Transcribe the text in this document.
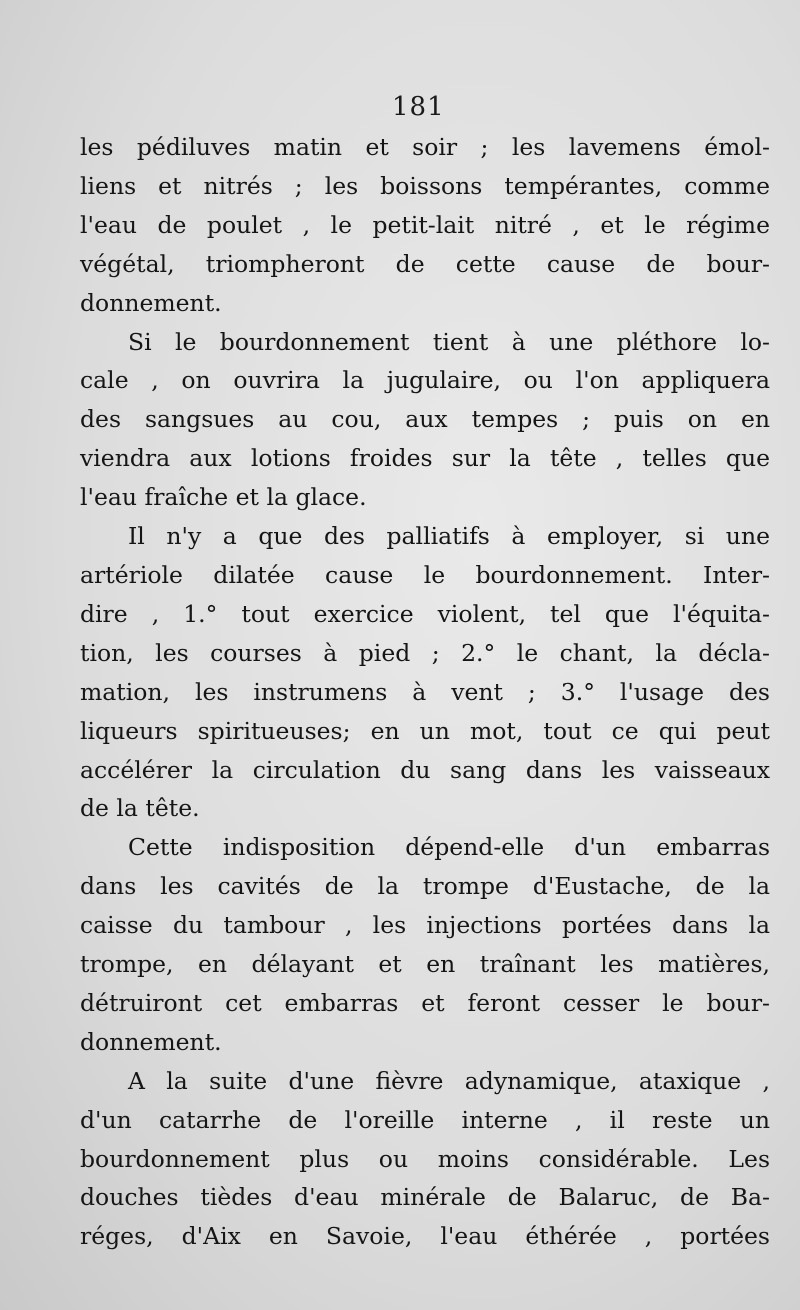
181

les pédiluves matin et soir ; les lavemens émol-
liens et nitrés ; les boissons tempérantes, comme
l'eau de poulet , le petit-lait nitré , et le régime
végétal, triompheront de cette cause de bour-
donnement.

Si le bourdonnement tient à une pléthore lo-
cale , on ouvrira la jugulaire, ou l'on appliquera
des sangsues au cou, aux tempes ; puis on en
viendra aux lotions froides sur la tête , telles que
l'eau fraîche et la glace.

Il n'y a que des palliatifs à employer, si une
artériole dilatée cause le bourdonnement. Inter-
dire , 1.° tout exercice violent, tel que l'équita-
tion, les courses à pied ; 2.° le chant, la décla-
mation, les instrumens à vent ; 3.° l'usage des
liqueurs spiritueuses; en un mot, tout ce qui peut
accélérer la circulation du sang dans les vaisseaux
de la tête.

Cette indisposition dépend-elle d'un embarras
dans les cavités de la trompe d'Eustache, de la
caisse du tambour , les injections portées dans la
trompe, en délayant et en traînant les matières,
détruiront cet embarras et feront cesser le bour-
donnement.

A la suite d'une fièvre adynamique, ataxique ,
d'un catarrhe de l'oreille interne , il reste un
bourdonnement plus ou moins considérable. Les
douches tièdes d'eau minérale de Balaruc, de Ba-
réges, d'Aix en Savoie, l'eau éthérée , portées
